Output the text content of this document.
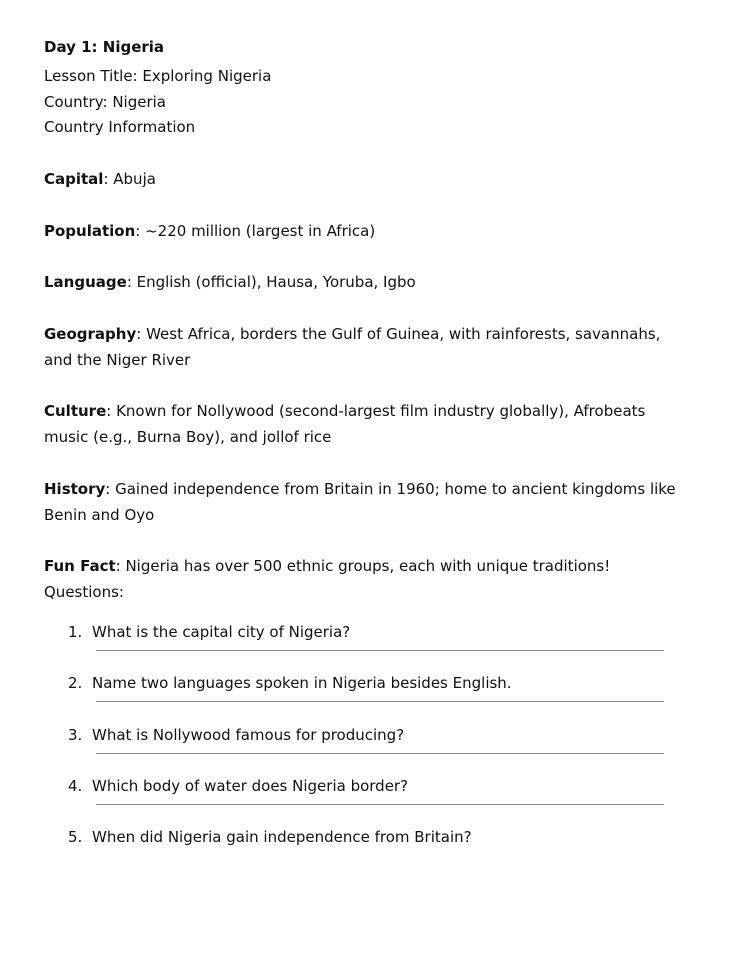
Day 1: Nigeria

Lesson Title: Exploring Nigeria

Country: Nigeria

Country Information

Capital: Abuja

Population: ~220 million (largest in Africa)

Language: English (official), Hausa, Yoruba, Igbo

Geography: West Africa, borders the Gulf of Guinea, with rainforests, savannahs, and the Niger River

Culture: Known for Nollywood (second-largest film industry globally), Afrobeats music (e.g., Burna Boy), and jollof rice

History: Gained independence from Britain in 1960; home to ancient kingdoms like Benin and Oyo

Fun Fact: Nigeria has over 500 ethnic groups, each with unique traditions!

Questions:

1. What is the capital city of Nigeria?
2. Name two languages spoken in Nigeria besides English.
3. What is Nollywood famous for producing?
4. Which body of water does Nigeria border?
5. When did Nigeria gain independence from Britain?
